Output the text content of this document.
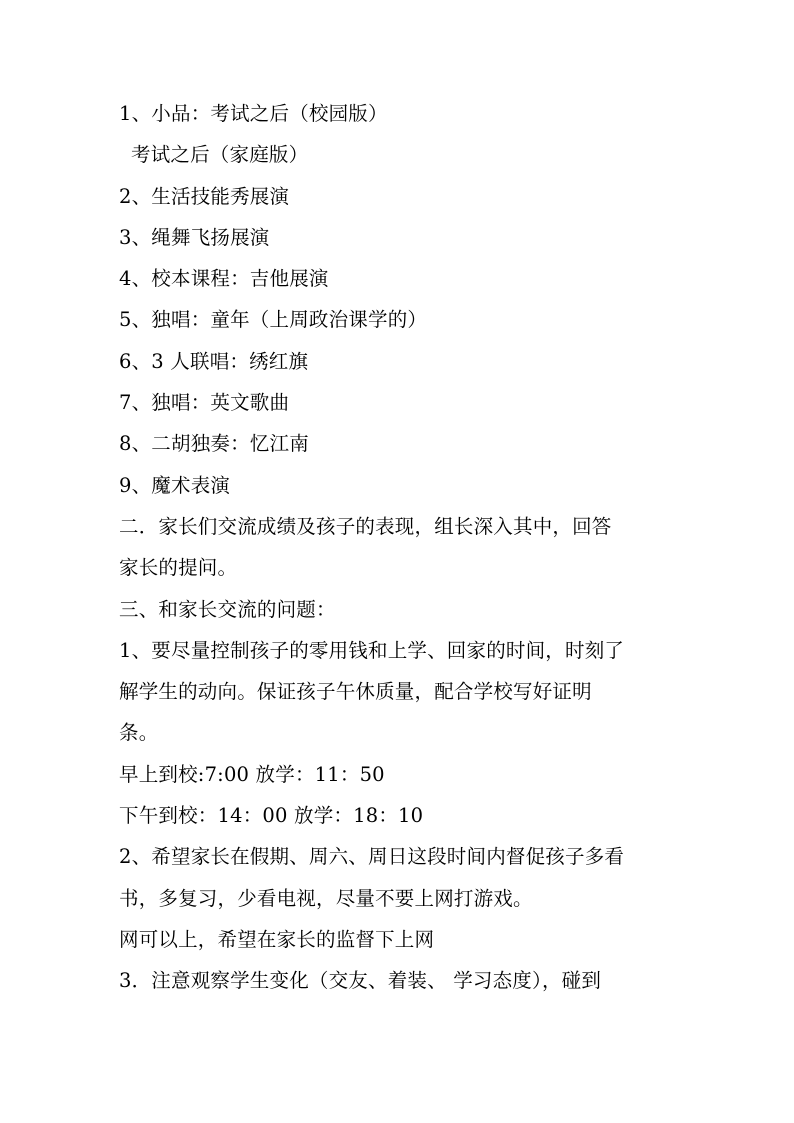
1、小品：考试之后（校园版）
考试之后（家庭版）
2、生活技能秀展演
3、绳舞飞扬展演
4、校本课程：吉他展演
5、独唱：童年（上周政治课学的）
6、3 人联唱：绣红旗
7、独唱：英文歌曲
8、二胡独奏：忆江南
9、魔术表演
二．家长们交流成绩及孩子的表现，组长深入其中，回答
家长的提问。
三、和家长交流的问题：
1、要尽量控制孩子的零用钱和上学、回家的时间，时刻了
解学生的动向。保证孩子午休质量，配合学校写好证明
条。
早上到校:7:00 放学：11：50
下午到校：14：00 放学：18：10
2、希望家长在假期、周六、周日这段时间内督促孩子多看
书，多复习，少看电视，尽量不要上网打游戏。
网可以上，希望在家长的监督下上网
3．注意观察学生变化（交友、着装、 学习态度），碰到
